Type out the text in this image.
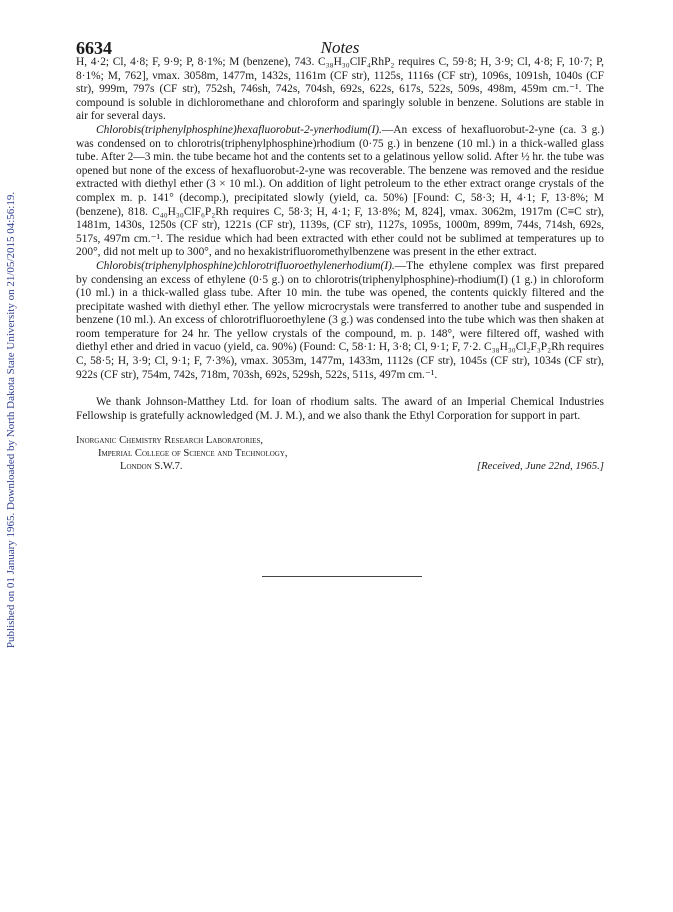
Published on 01 January 1965. Downloaded by North Dakota State University on 21/05/2015 04:56:19.
6634	Notes

H, 4·2; Cl, 4·8; F, 9·9; P, 8·1%; M (benzene), 743. C₃₈H₃₀ClF₄RhP₂ requires C, 59·8; H, 3·9; Cl, 4·8; F, 10·7; P, 8·1%; M, 762], νmax. 3058m, 1477m, 1432s, 1161m (CF str), 1125s, 1116s (CF str), 1096s, 1091sh, 1040s (CF str), 999m, 797s (CF str), 752sh, 746sh, 742s, 704sh, 692s, 622s, 617s, 522s, 509s, 498m, 459m cm.⁻¹. The compound is soluble in dichloromethane and chloroform and sparingly soluble in benzene. Solutions are stable in air for several days.

Chlorobis(triphenylphosphine)hexafluorobut-2-ynerhodium(I).—An excess of hexafluorobut-2-yne (ca. 3 g.) was condensed on to chlorotris(triphenylphosphine)rhodium (0·75 g.) in benzene (10 ml.) in a thick-walled glass tube. After 2—3 min. the tube became hot and the contents set to a gelatinous yellow solid. After ½ hr. the tube was opened but none of the excess of hexafluorobut-2-yne was recoverable. The benzene was removed and the residue extracted with diethyl ether (3 × 10 ml.). On addition of light petroleum to the ether extract orange crystals of the complex m. p. 141° (decomp.), precipitated slowly (yield, ca. 50%) [Found: C, 58·3; H, 4·1; F, 13·8%; M (benzene), 818. C₄₀H₃₀ClF₆P₂Rh requires C, 58·3; H, 4·1; F, 13·8%; M, 824], νmax. 3062m, 1917m (C≡C str), 1481m, 1430s, 1250s (CF str), 1221s (CF str), 1139s, (CF str), 1127s, 1095s, 1000m, 899m, 744s, 714sh, 692s, 517s, 497m cm.⁻¹. The residue which had been extracted with ether could not be sublimed at temperatures up to 200°, did not melt up to 300°, and no hexakistrifluoromethylbenzene was present in the ether extract.

Chlorobis(triphenylphosphine)chlorotrifluoroethylenerhodium(I).—The ethylene complex was first prepared by condensing an excess of ethylene (0·5 g.) on to chlorotris(triphenylphosphine)-rhodium(I) (1 g.) in chloroform (10 ml.) in a thick-walled glass tube. After 10 min. the tube was opened, the contents quickly filtered and the precipitate washed with diethyl ether. The yellow microcrystals were transferred to another tube and suspended in benzene (10 ml.). An excess of chlorotrifluoroethylene (3 g.) was condensed into the tube which was then shaken at room temperature for 24 hr. The yellow crystals of the compound, m. p. 148°, were filtered off, washed with diethyl ether and dried in vacuo (yield, ca. 90%) (Found: C, 58·1: H, 3·8; Cl, 9·1; F, 7·2. C₃₈H₃₀Cl₂F₃P₂Rh requires C, 58·5; H, 3·9; Cl, 9·1; F, 7·3%), νmax. 3053m, 1477m, 1433m, 1112s (CF str), 1045s (CF str), 1034s (CF str), 922s (CF str), 754m, 742s, 718m, 703sh, 692s, 529sh, 522s, 511s, 497m cm.⁻¹.

We thank Johnson-Matthey Ltd. for loan of rhodium salts. The award of an Imperial Chemical Industries Fellowship is gratefully acknowledged (M. J. M.), and we also thank the Ethyl Corporation for support in part.

Inorganic Chemistry Research Laboratories,
Imperial College of Science and Technology,
London S.W.7.	[Received, June 22nd, 1965.]
